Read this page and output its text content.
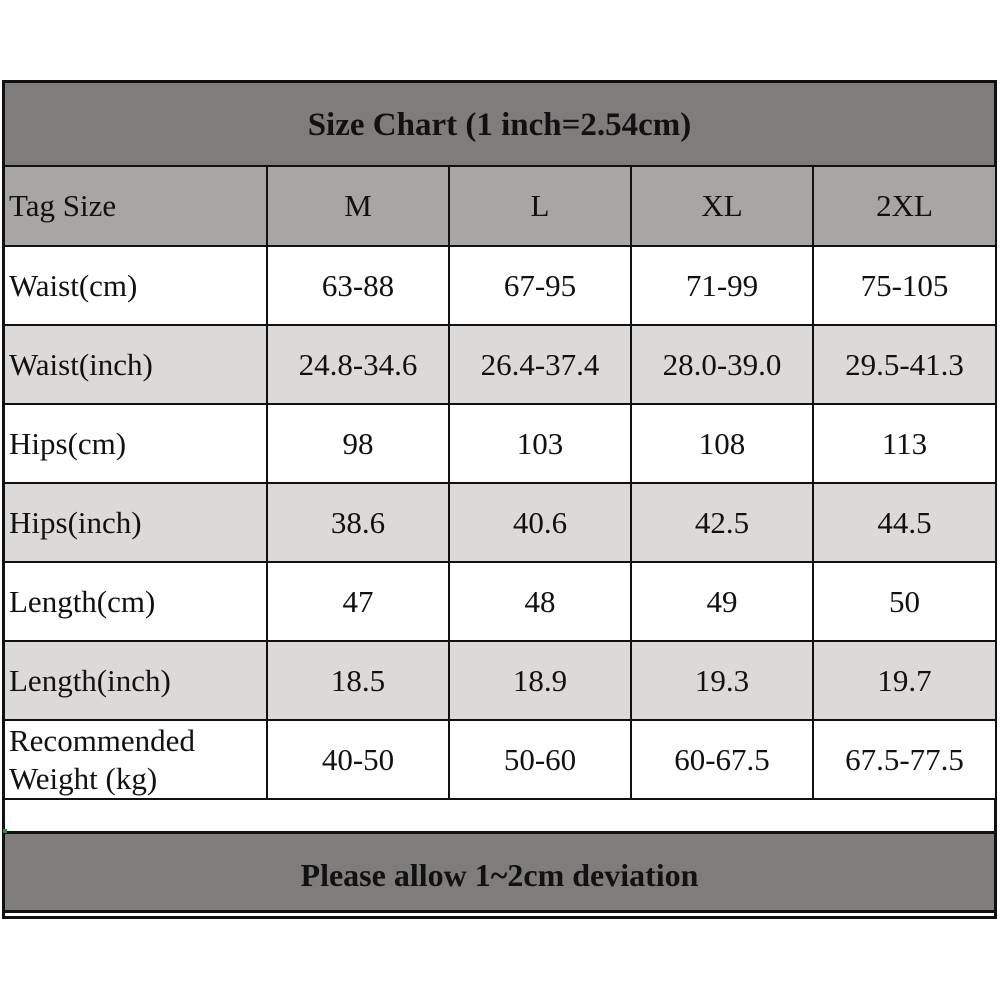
Size Chart (1 inch=2.54cm)
Tag Size	M	L	XL	2XL
Waist(cm)	63-88	67-95	71-99	75-105
Waist(inch)	24.8-34.6	26.4-37.4	28.0-39.0	29.5-41.3
Hips(cm)	98	103	108	113
Hips(inch)	38.6	40.6	42.5	44.5
Length(cm)	47	48	49	50
Length(inch)	18.5	18.9	19.3	19.7
Recommended
Weight (kg)	40-50	50-60	60-67.5	67.5-77.5
Please allow 1~2cm deviation
